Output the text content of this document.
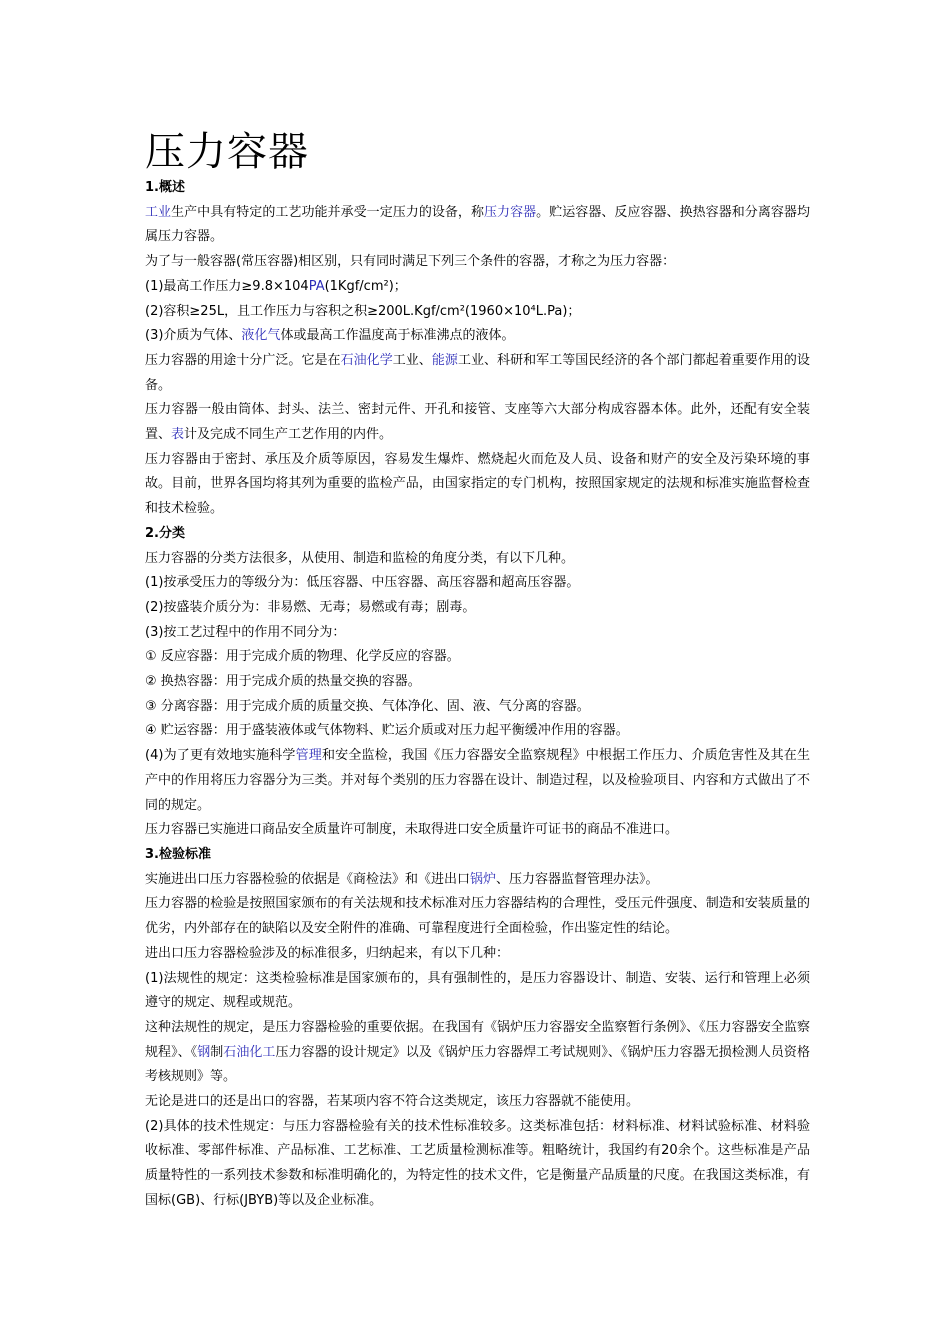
压力容器
1.概述

工业生产中具有特定的工艺功能并承受一定压力的设备，称压力容器。贮运容器、反应容器、换热容器和分离容器均属压力容器。

为了与一般容器(常压容器)相区别，只有同时满足下列三个条件的容器，才称之为压力容器：

(1)最高工作压力≥9.8×104PA(1Kgf/cm²)；

(2)容积≥25L，且工作压力与容积之积≥200L.Kgf/cm²(1960×10⁴L.Pa)；

(3)介质为气体、液化气体或最高工作温度高于标准沸点的液体。

压力容器的用途十分广泛。它是在石油化学工业、能源工业、科研和军工等国民经济的各个部门都起着重要作用的设备。

压力容器一般由筒体、封头、法兰、密封元件、开孔和接管、支座等六大部分构成容器本体。此外，还配有安全装置、表计及完成不同生产工艺作用的内件。

压力容器由于密封、承压及介质等原因，容易发生爆炸、燃烧起火而危及人员、设备和财产的安全及污染环境的事故。目前，世界各国均将其列为重要的监检产品，由国家指定的专门机构，按照国家规定的法规和标准实施监督检查和技术检验。

2.分类

压力容器的分类方法很多，从使用、制造和监检的角度分类，有以下几种。

(1)按承受压力的等级分为：低压容器、中压容器、高压容器和超高压容器。

(2)按盛装介质分为：非易燃、无毒；易燃或有毒；剧毒。

(3)按工艺过程中的作用不同分为：

① 反应容器：用于完成介质的物理、化学反应的容器。

② 换热容器：用于完成介质的热量交换的容器。

③ 分离容器：用于完成介质的质量交换、气体净化、固、液、气分离的容器。

④ 贮运容器：用于盛装液体或气体物料、贮运介质或对压力起平衡缓冲作用的容器。

(4)为了更有效地实施科学管理和安全监检，我国《压力容器安全监察规程》中根据工作压力、介质危害性及其在生产中的作用将压力容器分为三类。并对每个类别的压力容器在设计、制造过程，以及检验项目、内容和方式做出了不同的规定。

压力容器已实施进口商品安全质量许可制度，未取得进口安全质量许可证书的商品不准进口。

3.检验标准

实施进出口压力容器检验的依据是《商检法》和《进出口锅炉、压力容器监督管理办法》。

压力容器的检验是按照国家颁布的有关法规和技术标准对压力容器结构的合理性，受压元件强度、制造和安装质量的优劣，内外部存在的缺陷以及安全附件的准确、可靠程度进行全面检验，作出鉴定性的结论。

进出口压力容器检验涉及的标准很多，归纳起来，有以下几种：

(1)法规性的规定：这类检验标准是国家颁布的，具有强制性的，是压力容器设计、制造、安装、运行和管理上必须遵守的规定、规程或规范。

这种法规性的规定，是压力容器检验的重要依据。在我国有《锅炉压力容器安全监察暂行条例》、《压力容器安全监察规程》、《钢制石油化工压力容器的设计规定》以及《锅炉压力容器焊工考试规则》、《锅炉压力容器无损检测人员资格考核规则》等。

无论是进口的还是出口的容器，若某项内容不符合这类规定，该压力容器就不能使用。

(2)具体的技术性规定：与压力容器检验有关的技术性标准较多。这类标准包括：材料标准、材料试验标准、材料验收标准、零部件标准、产品标准、工艺标准、工艺质量检测标准等。粗略统计，我国约有20余个。这些标准是产品质量特性的一系列技术参数和标准明确化的，为特定性的技术文件，它是衡量产品质量的尺度。在我国这类标准，有国标(GB)、行标(JBYB)等以及企业标准。
